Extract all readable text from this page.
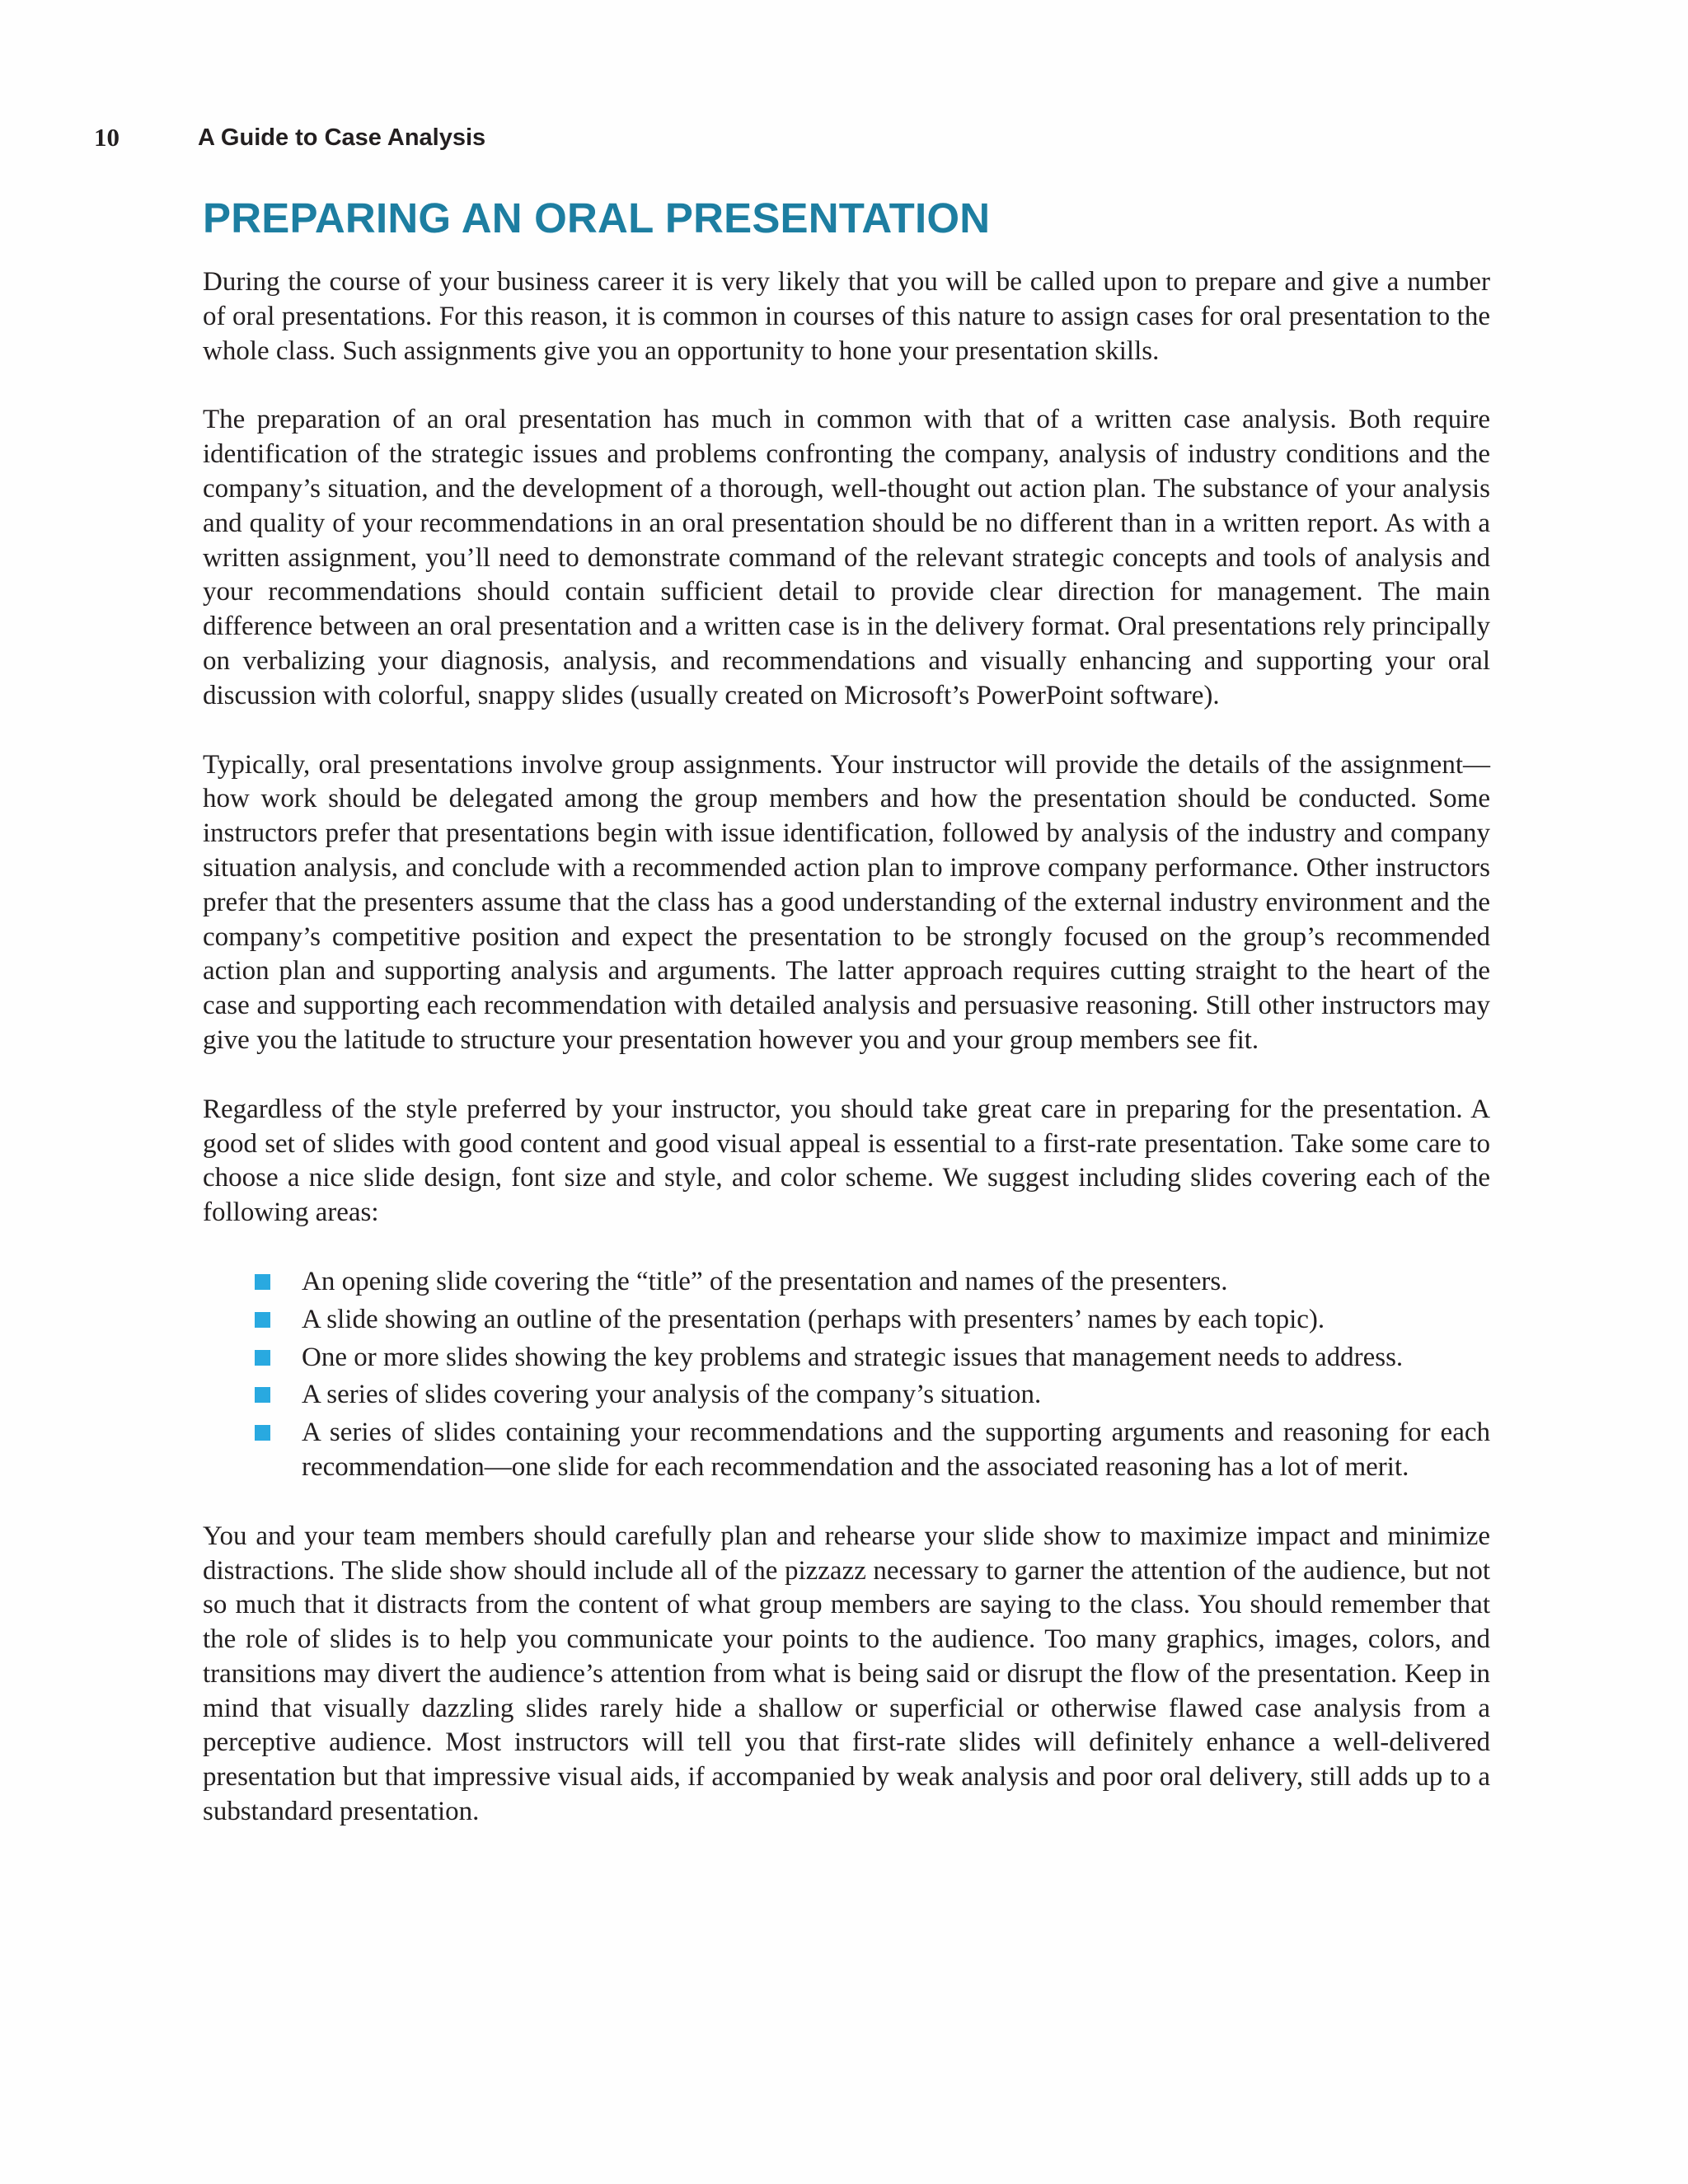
10	A Guide to Case Analysis
PREPARING AN ORAL PRESENTATION

During the course of your business career it is very likely that you will be called upon to prepare and give a number of oral presentations. For this reason, it is common in courses of this nature to assign cases for oral presentation to the whole class. Such assignments give you an opportunity to hone your presentation skills.

The preparation of an oral presentation has much in common with that of a written case analysis. Both require identification of the strategic issues and problems confronting the company, analysis of industry conditions and the company’s situation, and the development of a thorough, well-thought out action plan. The substance of your analysis and quality of your recommendations in an oral presentation should be no different than in a written report. As with a written assignment, you’ll need to demonstrate command of the relevant strategic concepts and tools of analysis and your recommendations should contain sufficient detail to provide clear direction for management. The main difference between an oral presentation and a written case is in the delivery format. Oral presentations rely principally on verbalizing your diagnosis, analysis, and recommendations and visually enhancing and supporting your oral discussion with colorful, snappy slides (usually created on Microsoft’s PowerPoint software).

Typically, oral presentations involve group assignments. Your instructor will provide the details of the assignment—how work should be delegated among the group members and how the presentation should be conducted. Some instructors prefer that presentations begin with issue identification, followed by analysis of the industry and company situation analysis, and conclude with a recommended action plan to improve company performance. Other instructors prefer that the presenters assume that the class has a good understanding of the external industry environment and the company’s competitive position and expect the presentation to be strongly focused on the group’s recommended action plan and supporting analysis and arguments. The latter approach requires cutting straight to the heart of the case and supporting each recommendation with detailed analysis and persuasive reasoning. Still other instructors may give you the latitude to structure your presentation however you and your group members see fit.

Regardless of the style preferred by your instructor, you should take great care in preparing for the presentation. A good set of slides with good content and good visual appeal is essential to a first-rate presentation. Take some care to choose a nice slide design, font size and style, and color scheme. We suggest including slides covering each of the following areas:

An opening slide covering the “title” of the presentation and names of the presenters.
A slide showing an outline of the presentation (perhaps with presenters’ names by each topic).
One or more slides showing the key problems and strategic issues that management needs to address.
A series of slides covering your analysis of the company’s situation.
A series of slides containing your recommendations and the supporting arguments and reasoning for each recommendation—one slide for each recommendation and the associated reasoning has a lot of merit.

You and your team members should carefully plan and rehearse your slide show to maximize impact and minimize distractions. The slide show should include all of the pizzazz necessary to garner the attention of the audience, but not so much that it distracts from the content of what group members are saying to the class. You should remember that the role of slides is to help you communicate your points to the audience. Too many graphics, images, colors, and transitions may divert the audience’s attention from what is being said or disrupt the flow of the presentation. Keep in mind that visually dazzling slides rarely hide a shallow or superficial or otherwise flawed case analysis from a perceptive audience. Most instructors will tell you that first-rate slides will definitely enhance a well-delivered presentation but that impressive visual aids, if accompanied by weak analysis and poor oral delivery, still adds up to a substandard presentation.
